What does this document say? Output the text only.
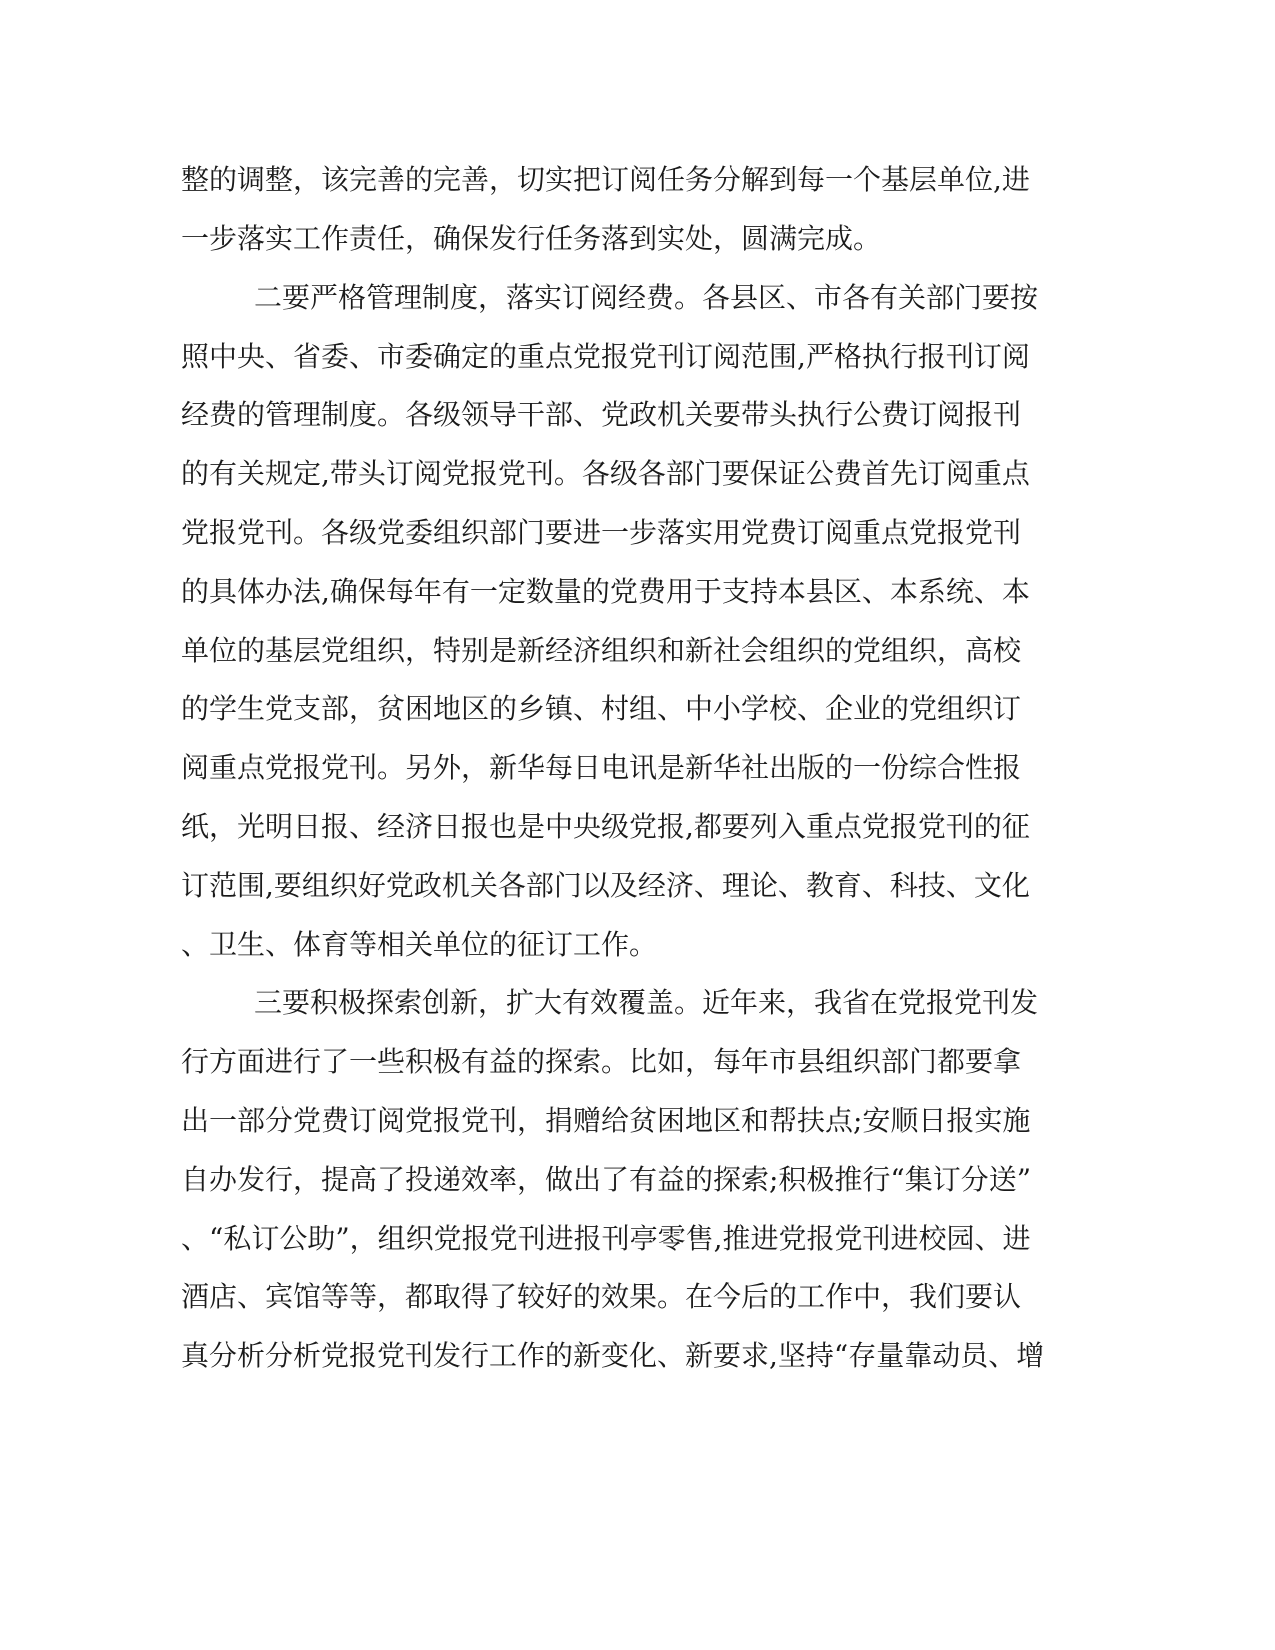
整的调整，该完善的完善，切实把订阅任务分解到每一个基层单位,进
一步落实工作责任，确保发行任务落到实处，圆满完成。
二要严格管理制度，落实订阅经费。各县区、市各有关部门要按
照中央、省委、市委确定的重点党报党刊订阅范围,严格执行报刊订阅
经费的管理制度。各级领导干部、党政机关要带头执行公费订阅报刊
的有关规定,带头订阅党报党刊。各级各部门要保证公费首先订阅重点
党报党刊。各级党委组织部门要进一步落实用党费订阅重点党报党刊
的具体办法,确保每年有一定数量的党费用于支持本县区、本系统、本
单位的基层党组织，特别是新经济组织和新社会组织的党组织，高校
的学生党支部，贫困地区的乡镇、村组、中小学校、企业的党组织订
阅重点党报党刊。另外，新华每日电讯是新华社出版的一份综合性报
纸，光明日报、经济日报也是中央级党报,都要列入重点党报党刊的征
订范围,要组织好党政机关各部门以及经济、理论、教育、科技、文化
、卫生、体育等相关单位的征订工作。
三要积极探索创新，扩大有效覆盖。近年来，我省在党报党刊发
行方面进行了一些积极有益的探索。比如，每年市县组织部门都要拿
出一部分党费订阅党报党刊，捐赠给贫困地区和帮扶点;安顺日报实施
自办发行，提高了投递效率，做出了有益的探索;积极推行“集订分送”
、“私订公助”，组织党报党刊进报刊亭零售,推进党报党刊进校园、进
酒店、宾馆等等，都取得了较好的效果。在今后的工作中，我们要认
真分析分析党报党刊发行工作的新变化、新要求,坚持“存量靠动员、增
